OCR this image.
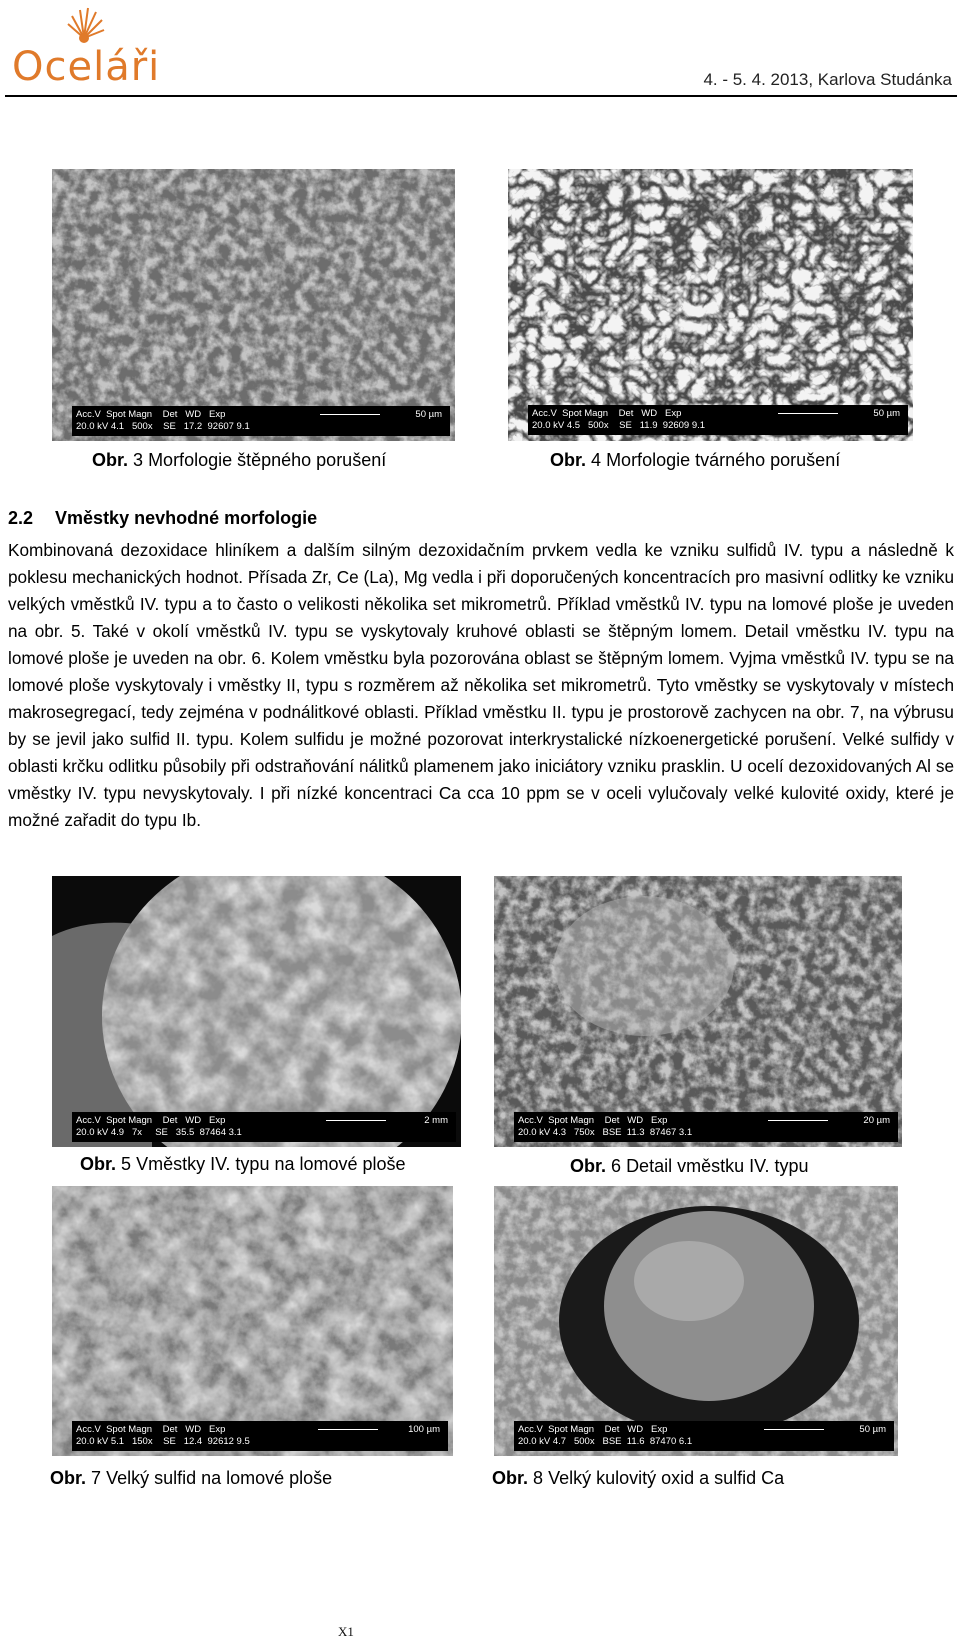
Oceláři	4. - 5. 4. 2013, Karlova Studánka
Acc.V  Spot Magn    Det   WD   Exp
20.0 kV 4.1   500x    SE   17.2  92607 9.1
50 µm
Obr. 3 Morfologie štěpného porušení
Acc.V  Spot Magn    Det   WD   Exp
20.0 kV 4.5   500x    SE   11.9  92609 9.1
50 µm
Obr. 4 Morfologie tvárného porušení
2.2 Vměstky nevhodné morfologie
Kombinovaná dezoxidace hliníkem a dalším silným dezoxidačním prvkem vedla ke vzniku sulfidů IV. typu a následně k poklesu mechanických hodnot. Přísada Zr, Ce (La), Mg vedla i při doporučených koncentracích pro masivní odlitky ke vzniku velkých vměstků IV. typu a to často o velikosti několika set mikrometrů. Příklad vměstků IV. typu na lomové ploše je uveden na obr. 5. Také v okolí vměstků IV. typu se vyskytovaly kruhové oblasti se štěpným lomem. Detail vměstku IV. typu na lomové ploše je uveden na obr. 6. Kolem vměstku byla pozorována oblast se štěpným lomem. Vyjma vměstků IV. typu se na lomové ploše vyskytovaly i vměstky II, typu s rozměrem až několika set mikrometrů. Tyto vměstky se vyskytovaly v místech makrosegregací, tedy zejména v podnálitkové oblasti. Příklad vměstku II. typu je prostorově zachycen na obr. 7, na výbrusu by se jevil jako sulfid II. typu. Kolem sulfidu je možné pozorovat interkrystalické nízkoenergetické porušení. Velké sulfidy v oblasti krčku odlitku působily při odstraňování nálitků plamenem jako iniciátory vzniku prasklin. U ocelí dezoxidovaných Al se vměstky IV. typu nevyskytovaly. I při nízké koncentraci Ca cca 10 ppm se v oceli vylučovaly velké kulovité oxidy, které je možné zařadit do typu Ib.
Acc.V  Spot Magn    Det   WD   Exp
20.0 kV 4.9   7x     SE   35.5  87464 3.1
2 mm
Obr. 5 Vměstky IV. typu na lomové ploše
Acc.V  Spot Magn    Det   WD   Exp
20.0 kV 4.3   750x   BSE  11.3  87467 3.1
20 µm
Obr. 6 Detail vměstku IV. typu
X1
Acc.V  Spot Magn    Det   WD   Exp
20.0 kV 5.1   150x    SE   12.4  92612 9.5
100 µm
Obr. 7 Velký sulfid na lomové ploše
Acc.V  Spot Magn    Det   WD   Exp
20.0 kV 4.7   500x   BSE  11.6  87470 6.1
50 µm
Obr. 8 Velký kulovitý oxid a sulfid Ca
